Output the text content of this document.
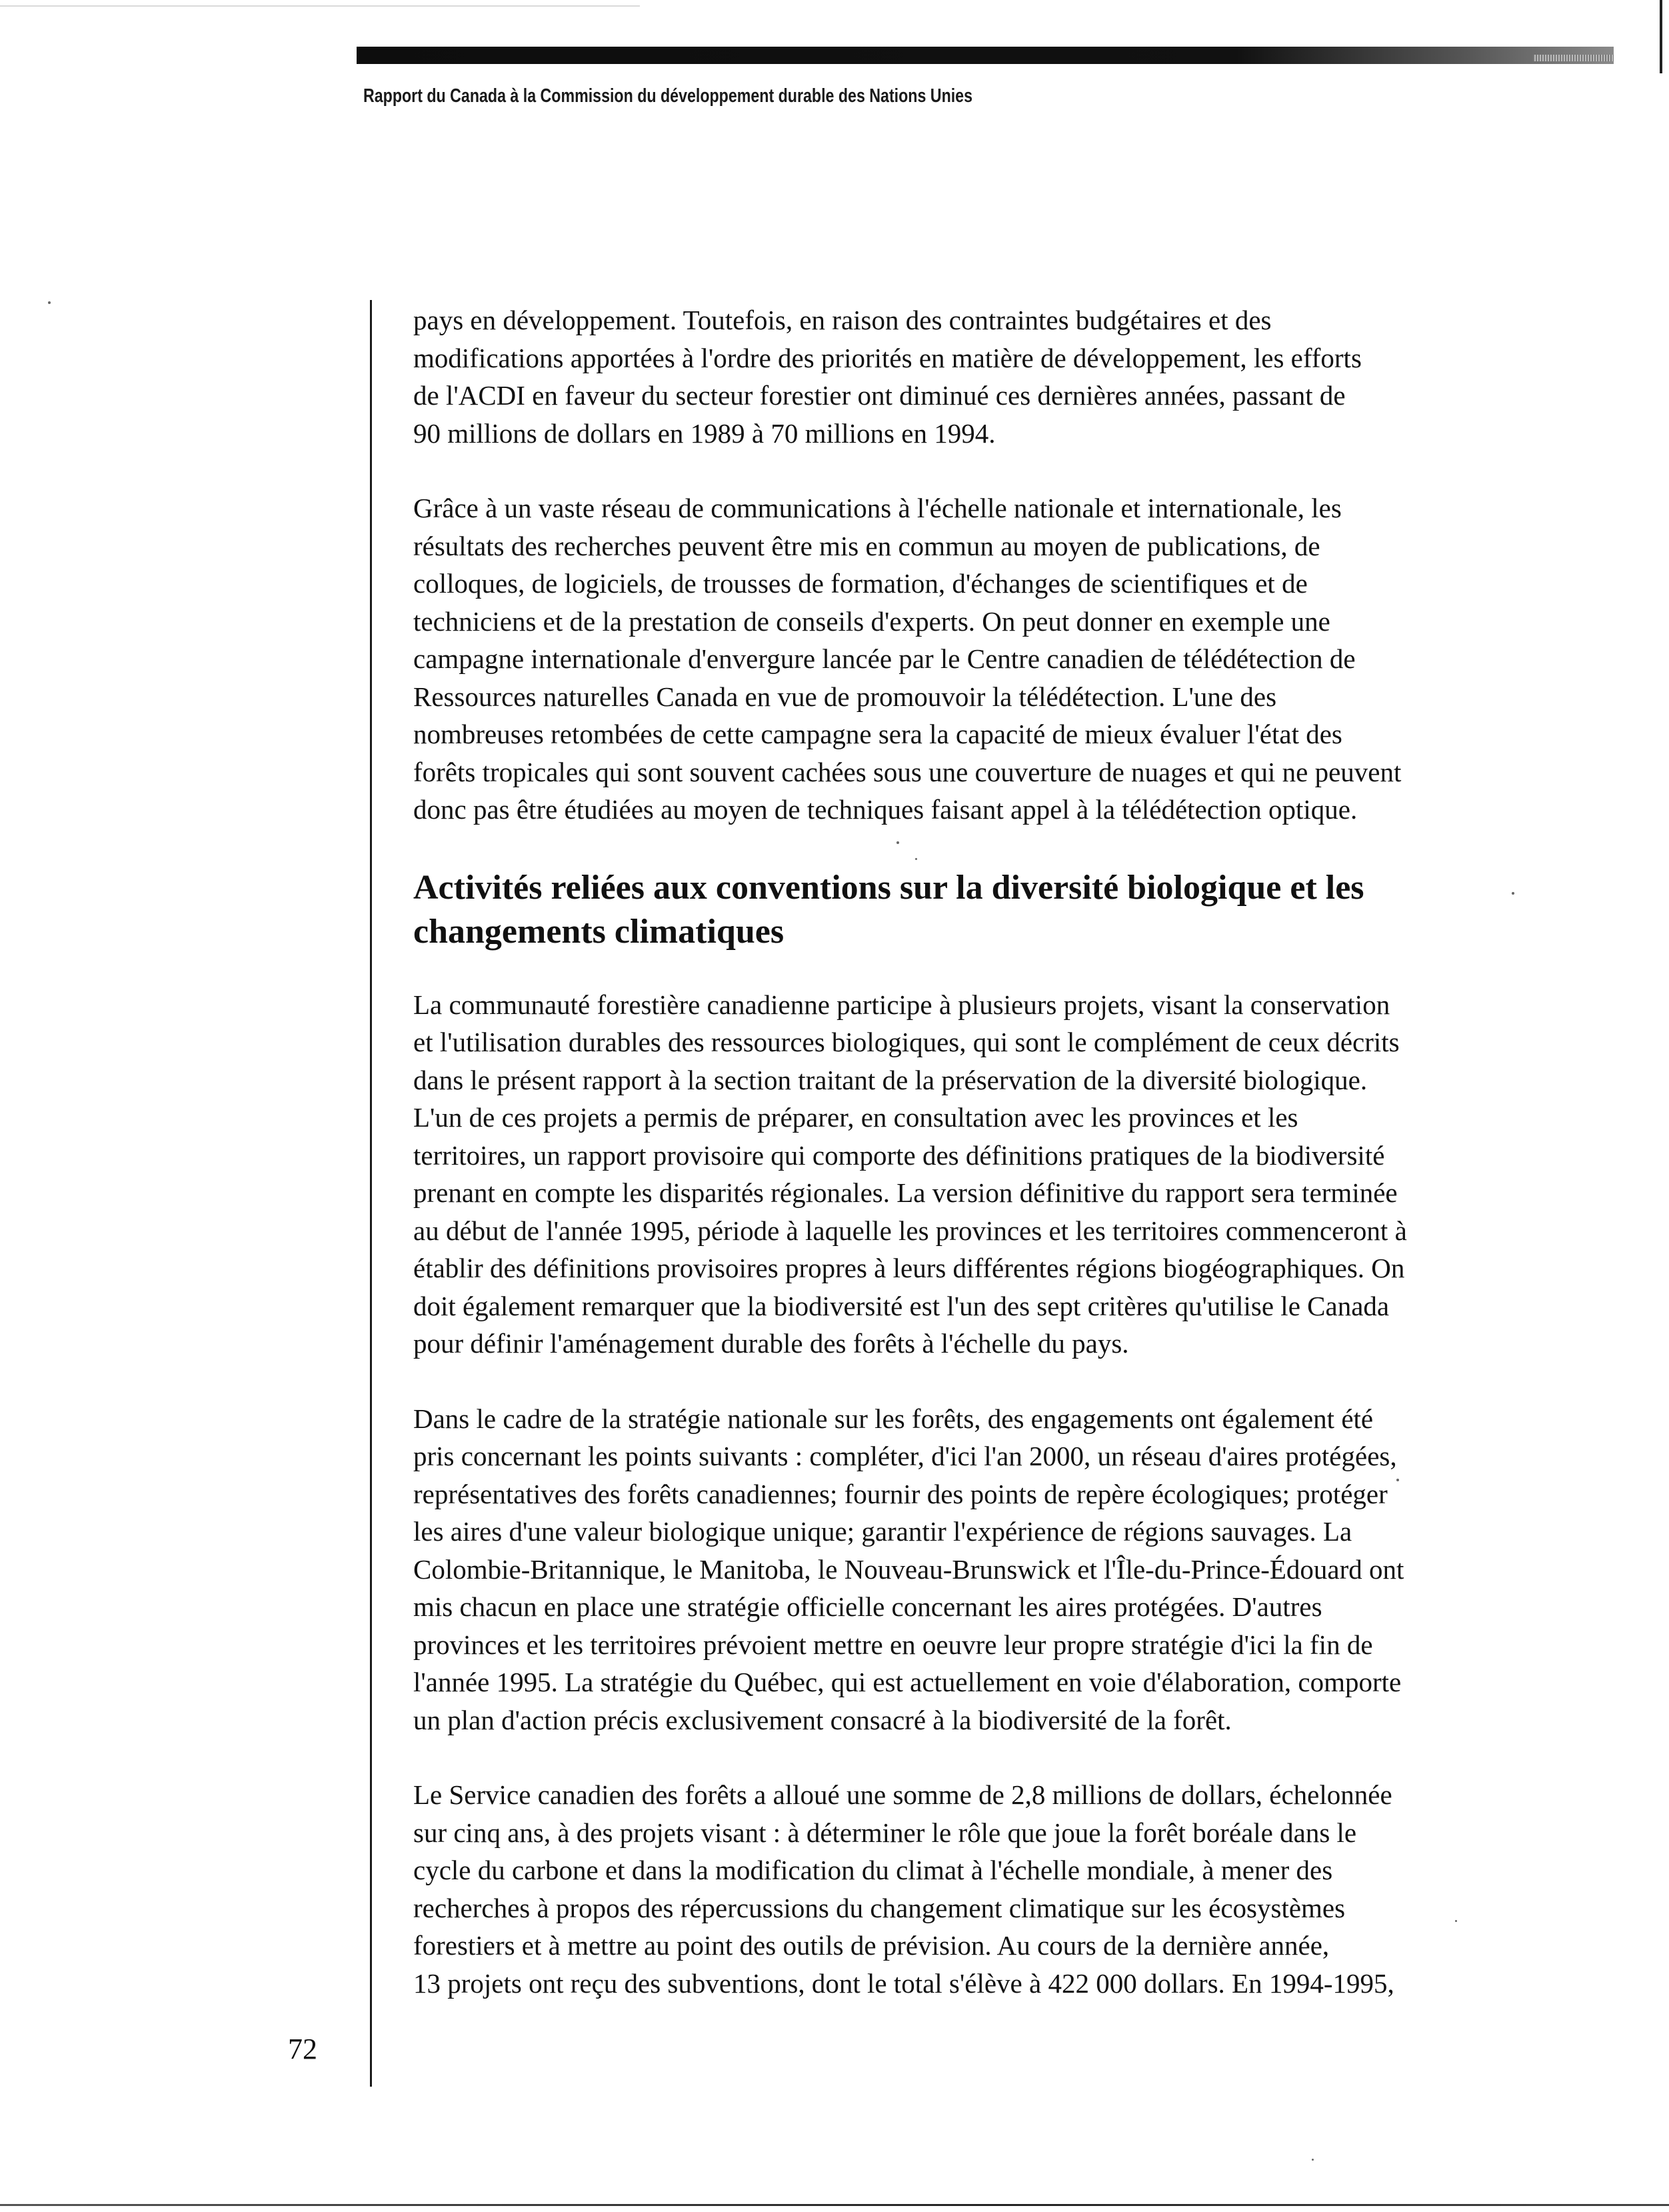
Rapport du Canada à la Commission du développement durable des Nations Unies

pays en développement. Toutefois, en raison des contraintes budgétaires et des
modifications apportées à l'ordre des priorités en matière de développement, les efforts
de l'ACDI en faveur du secteur forestier ont diminué ces dernières années, passant de
90 millions de dollars en 1989 à 70 millions en 1994.

Grâce à un vaste réseau de communications à l'échelle nationale et internationale, les
résultats des recherches peuvent être mis en commun au moyen de publications, de
colloques, de logiciels, de trousses de formation, d'échanges de scientifiques et de
techniciens et de la prestation de conseils d'experts. On peut donner en exemple une
campagne internationale d'envergure lancée par le Centre canadien de télédétection de
Ressources naturelles Canada en vue de promouvoir la télédétection. L'une des
nombreuses retombées de cette campagne sera la capacité de mieux évaluer l'état des
forêts tropicales qui sont souvent cachées sous une couverture de nuages et qui ne peuvent
donc pas être étudiées au moyen de techniques faisant appel à la télédétection optique.

Activités reliées aux conventions sur la diversité biologique et les
changements climatiques

La communauté forestière canadienne participe à plusieurs projets, visant la conservation
et l'utilisation durables des ressources biologiques, qui sont le complément de ceux décrits
dans le présent rapport à la section traitant de la préservation de la diversité biologique.
L'un de ces projets a permis de préparer, en consultation avec les provinces et les
territoires, un rapport provisoire qui comporte des définitions pratiques de la biodiversité
prenant en compte les disparités régionales. La version définitive du rapport sera terminée
au début de l'année 1995, période à laquelle les provinces et les territoires commenceront à
établir des définitions provisoires propres à leurs différentes régions biogéographiques. On
doit également remarquer que la biodiversité est l'un des sept critères qu'utilise le Canada
pour définir l'aménagement durable des forêts à l'échelle du pays.

Dans le cadre de la stratégie nationale sur les forêts, des engagements ont également été
pris concernant les points suivants : compléter, d'ici l'an 2000, un réseau d'aires protégées,
représentatives des forêts canadiennes; fournir des points de repère écologiques; protéger
les aires d'une valeur biologique unique; garantir l'expérience de régions sauvages. La
Colombie-Britannique, le Manitoba, le Nouveau-Brunswick et l'Île-du-Prince-Édouard ont
mis chacun en place une stratégie officielle concernant les aires protégées. D'autres
provinces et les territoires prévoient mettre en oeuvre leur propre stratégie d'ici la fin de
l'année 1995. La stratégie du Québec, qui est actuellement en voie d'élaboration, comporte
un plan d'action précis exclusivement consacré à la biodiversité de la forêt.

Le Service canadien des forêts a alloué une somme de 2,8 millions de dollars, échelonnée
sur cinq ans, à des projets visant : à déterminer le rôle que joue la forêt boréale dans le
cycle du carbone et dans la modification du climat à l'échelle mondiale, à mener des
recherches à propos des répercussions du changement climatique sur les écosystèmes
forestiers et à mettre au point des outils de prévision. Au cours de la dernière année,
13 projets ont reçu des subventions, dont le total s'élève à 422 000 dollars. En 1994-1995,

72
